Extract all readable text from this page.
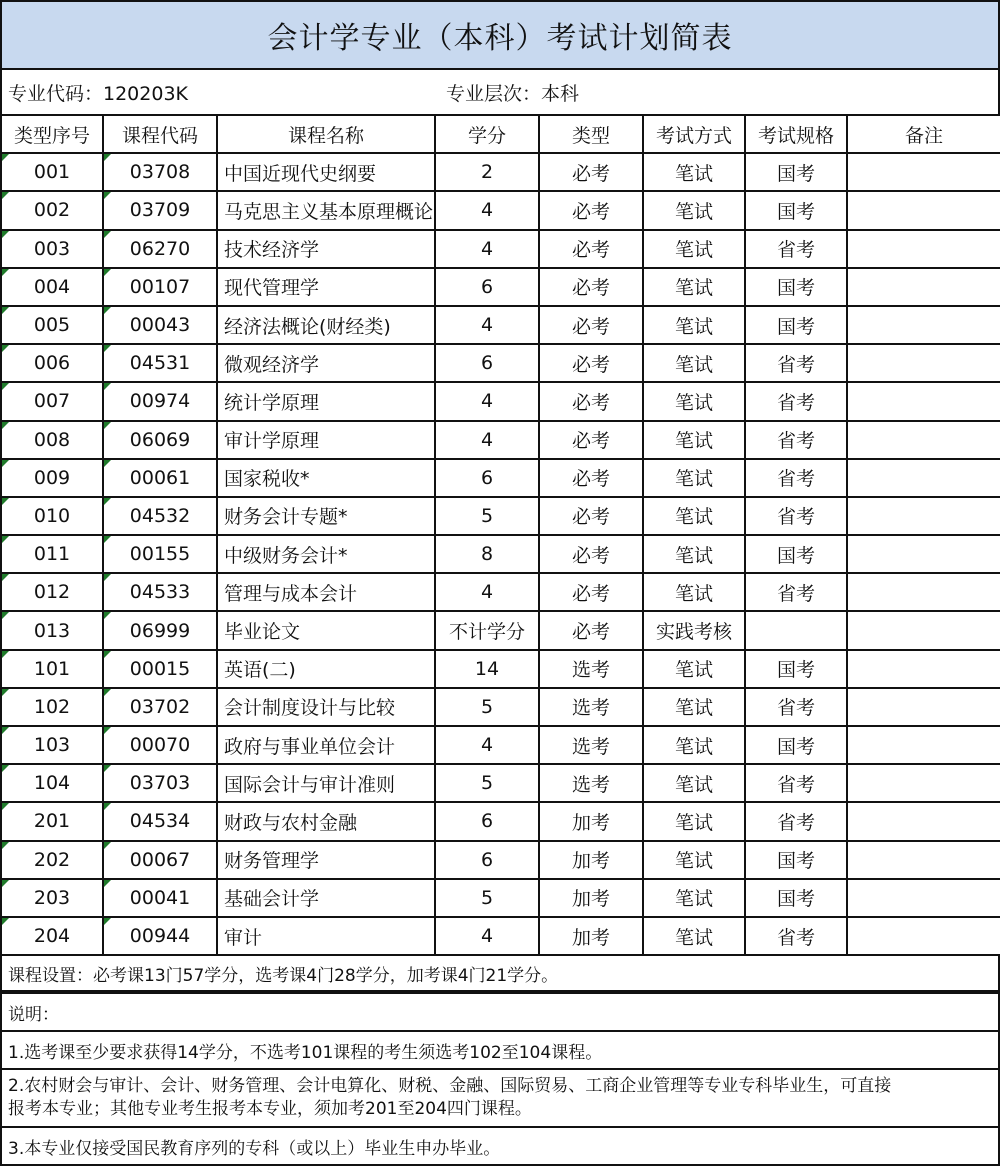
会计学专业（本科）考试计划简表
专业代码：120203K	专业层次：本科
类型序号	课程代码	课程名称	学分	类型	考试方式	考试规格	备注
001	03708	中国近现代史纲要	2	必考	笔试	国考	
002	03709	马克思主义基本原理概论	4	必考	笔试	国考	
003	06270	技术经济学	4	必考	笔试	省考	
004	00107	现代管理学	6	必考	笔试	国考	
005	00043	经济法概论(财经类)	4	必考	笔试	国考	
006	04531	微观经济学	6	必考	笔试	省考	
007	00974	统计学原理	4	必考	笔试	省考	
008	06069	审计学原理	4	必考	笔试	省考	
009	00061	国家税收*	6	必考	笔试	省考	
010	04532	财务会计专题*	5	必考	笔试	省考	
011	00155	中级财务会计*	8	必考	笔试	国考	
012	04533	管理与成本会计	4	必考	笔试	省考	
013	06999	毕业论文	不计学分	必考	实践考核		
101	00015	英语(二)	14	选考	笔试	国考	
102	03702	会计制度设计与比较	5	选考	笔试	省考	
103	00070	政府与事业单位会计	4	选考	笔试	国考	
104	03703	国际会计与审计准则	5	选考	笔试	省考	
201	04534	财政与农村金融	6	加考	笔试	省考	
202	00067	财务管理学	6	加考	笔试	国考	
203	00041	基础会计学	5	加考	笔试	国考	
204	00944	审计	4	加考	笔试	省考	
课程设置：必考课13门57学分，选考课4门28学分，加考课4门21学分。
说明：
1.选考课至少要求获得14学分，不选考101课程的考生须选考102至104课程。
2.农村财会与审计、会计、财务管理、会计电算化、财税、金融、国际贸易、工商企业管理等专业专科毕业生，可直接
报考本专业；其他专业考生报考本专业，须加考201至204四门课程。
3.本专业仅接受国民教育序列的专科（或以上）毕业生申办毕业。
